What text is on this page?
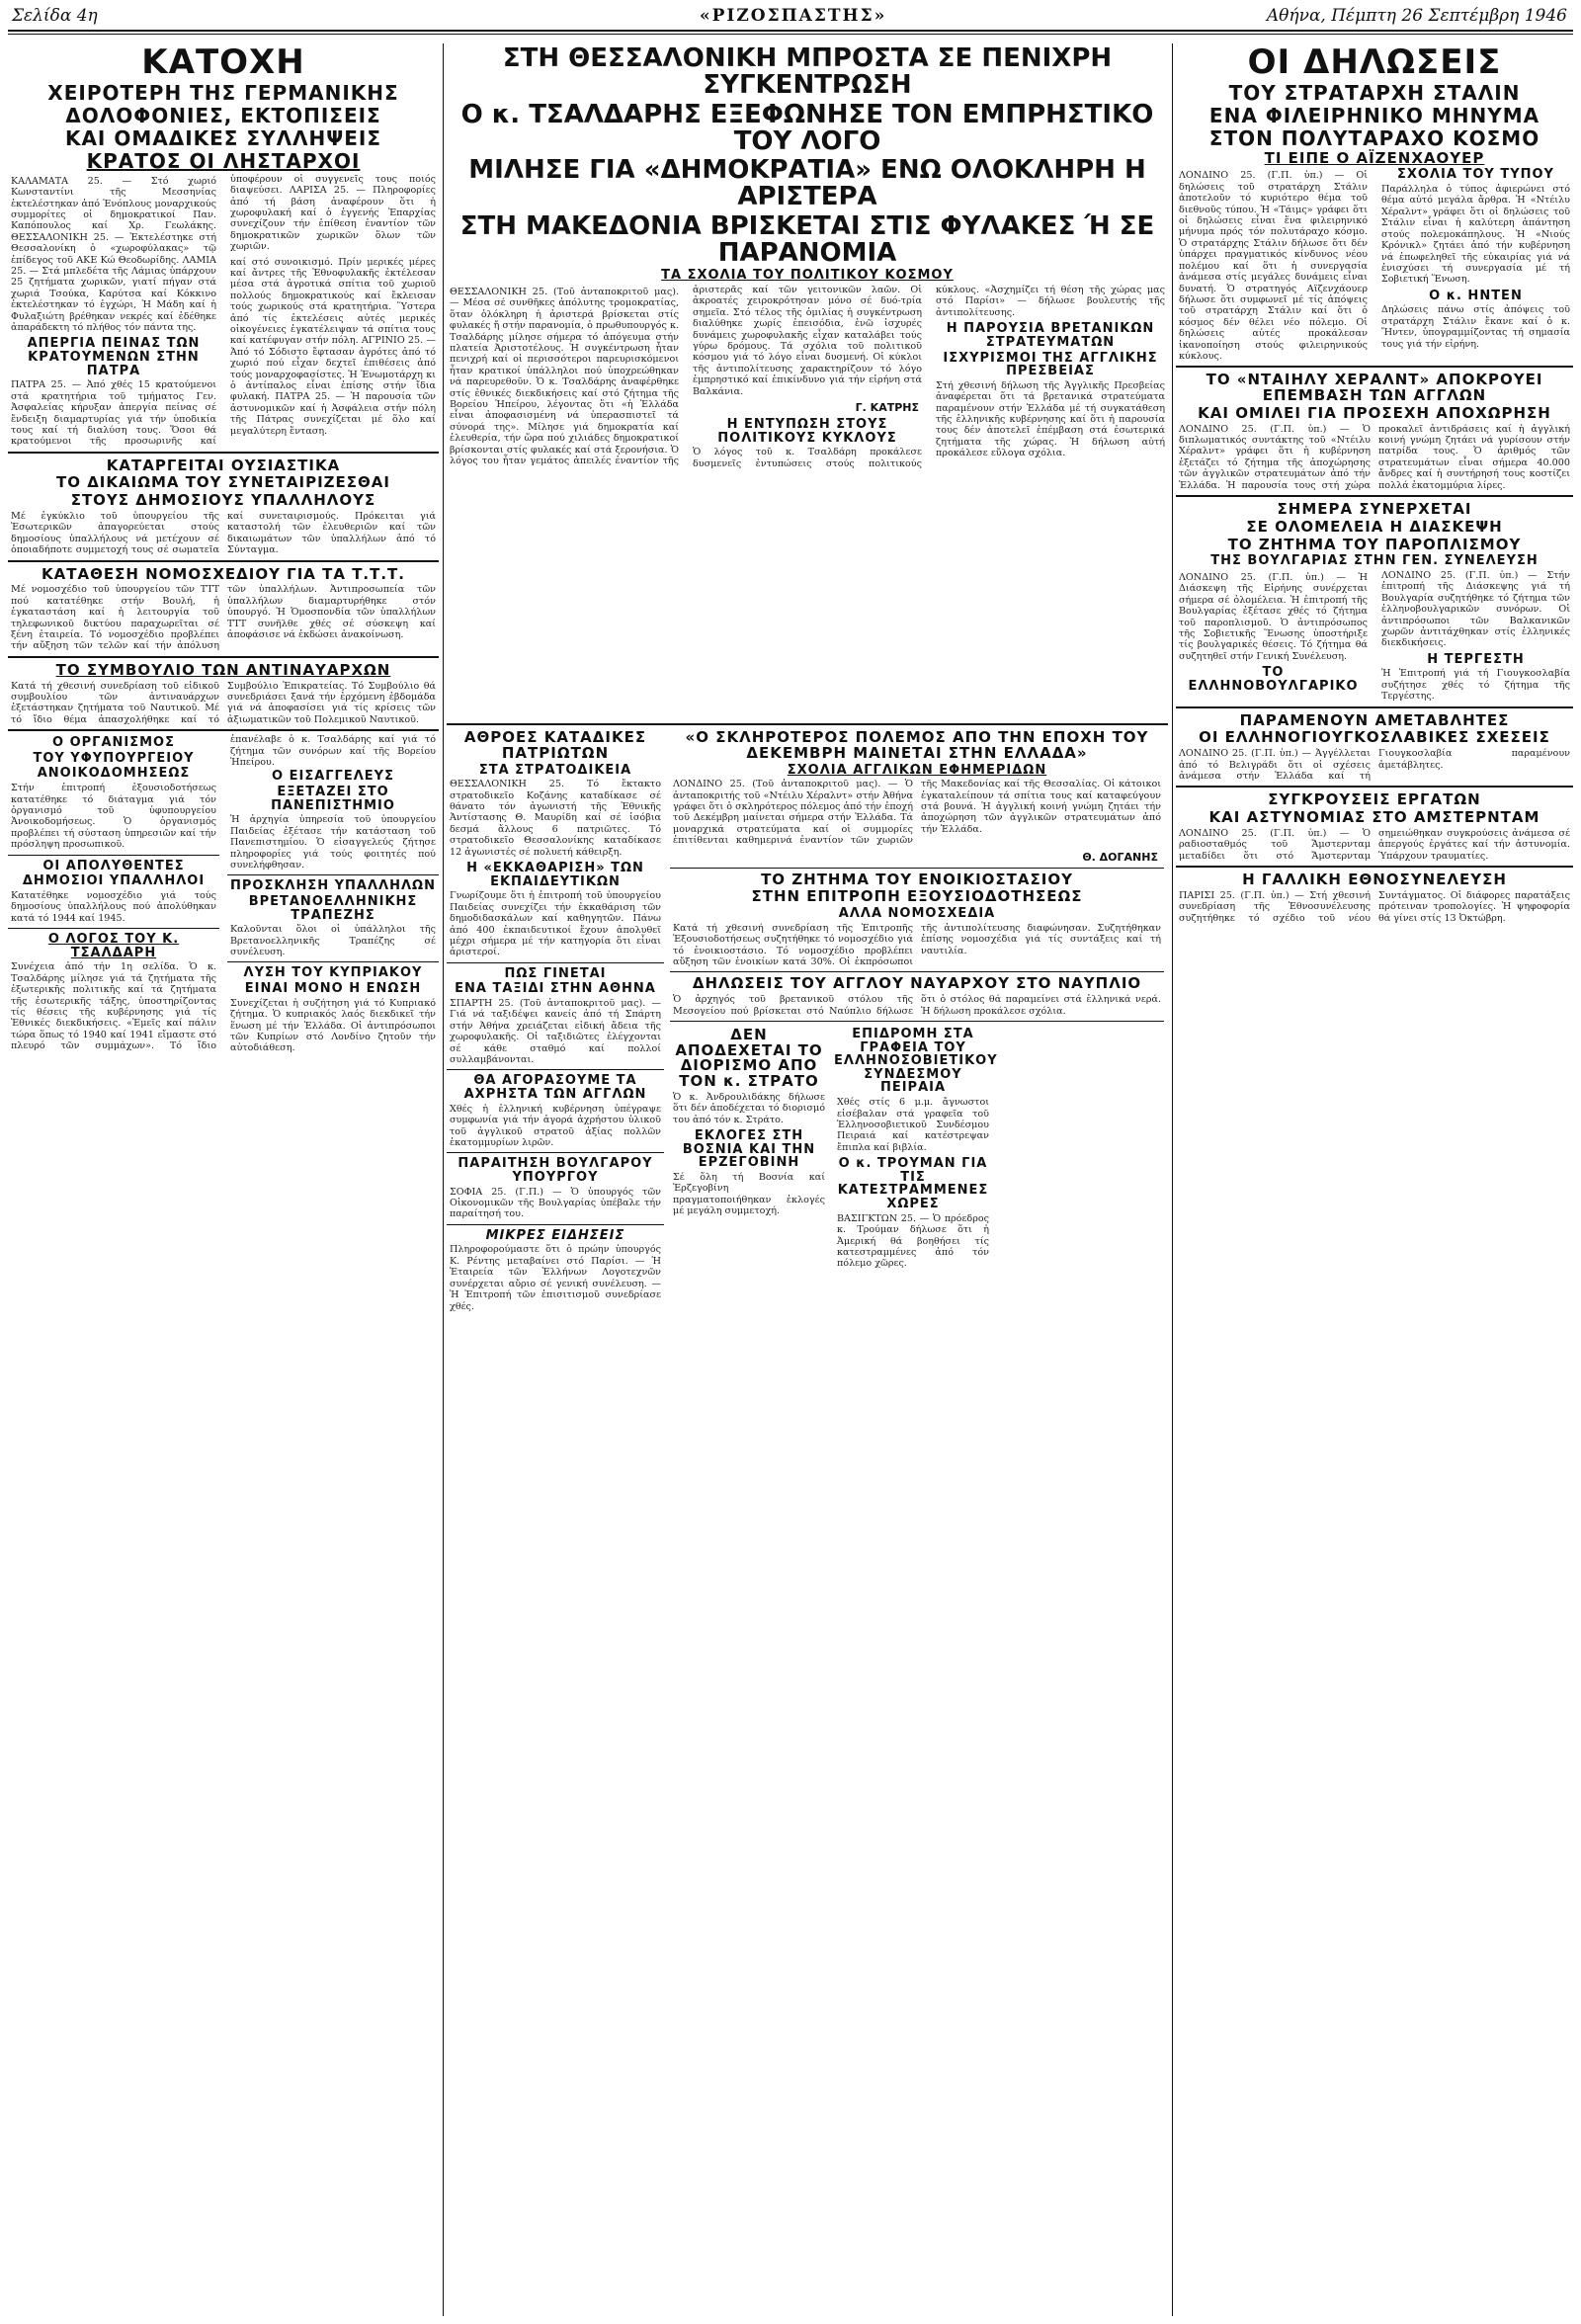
Σελίδα 4η	«ΡΙΖΟΣΠΑΣΤΗΣ»	Αθήνα, Πέμπτη 26 Σεπτέμβρη 1946
ΚΑΤΟΧΗ
ΧΕΙΡΟΤΕΡΗ ΤΗΣ ΓΕΡΜΑΝΙΚΗΣ
ΔΟΛΟΦΟΝΙΕΣ, ΕΚΤΟΠΙΣΕΙΣ
ΚΑΙ ΟΜΑΔΙΚΕΣ ΣΥΛΛΗΨΕΙΣ
ΚΡΑΤΟΣ ΟΙ ΛΗΣΤΑΡΧΟΙ
ΚΑΛΑΜΑΤΑ 25. — Στό χωριό Κωνσταντίνι τῆς Μεσσηνίας ἐκτελέστηκαν ἀπό Ἐνόπλους μοναρχικούς συμμορίτες οἱ δημοκρατικοί Παν. Καπόπουλος καί Χρ. Γεωλάκης. ΘΕΣΣΑΛΟΝΙΚΗ 25. — Ἐκτελέστηκε στή Θεσσαλονίκη ὁ «χωροφύλακας» τῷ ἐπίδεγος τοῦ ΑΚΕ Κώ Θεοδωρίδης. ΛΑΜΙΑ 25. — Στά μπλεδέτα τῆς Λάμιας ὑπάρχουν 25 ζητήματα χωρικῶν, γιατί πήγαν στά χωριά Τσούκα, Καρύτσα καί Κόκκινο ἐκτελέστηκαν τό ἐγχώρι, Ἡ Μάδη καί ἡ Φυλαξιώτη βρέθηκαν νεκρές καί ἐδέθηκε ἀπαράδεκτη τό πλήθος τόν πάντα της.
ΑΠΕΡΓΙΑ ΠΕΙΝΑΣ ΤΩΝ ΚΡΑΤΟΥΜΕΝΩΝ ΣΤΗΝ ΠΑΤΡΑ
ΠΑΤΡΑ 25. — Ἀπό χθές 15 κρατούμενοι στά κρατητήρια τοῦ τμήματος Γεν. Ἀσφαλείας κήρυξαν ἀπεργία πείνας σέ ἔνδειξη διαμαρτυρίας γιά τήν ὑποδικία τους καί τή διαλύση τους. Ὅσοι θά κρατούμενοι τῆς προσωρινῆς καί ὑποφέρουν οἱ συγγενεῖς τους ποιός διαψεύσει. ΛΑΡΙΣΑ 25. — Πληροφορίες ἀπό τή βάση ἀναφέρουν ὅτι ἡ χωροφυλακή καί ὁ ἐγγενής Ἐπαρχίας συνεχίζουν τήν ἐπίθεση ἐναντίον τῶν δημοκρατικῶν χωρικῶν ὅλων τῶν χωριῶν.
καί στό συνοικισμό. Πρίν μερικές μέρες καί ἄντρες τῆς Ἐθνοφυλακῆς ἐκτέλεσαν μέσα στά ἀγροτικά σπίτια τοῦ χωριοῦ πολλούς δημοκρατικούς καί ἔκλεισαν τούς χωρικούς στά κρατητήρια. Ὕστερα ἀπό τίς ἐκτελέσεις αὐτές μερικές οἰκογένειες ἐγκατέλειψαν τά σπίτια τους καί κατέφυγαν στήν πόλη. ΑΓΡΙΝΙΟ 25. — Ἀπό τό Σόδιστο ἔφτασαν ἀγρότες ἀπό τό χωριό πού εἶχαν δεχτεῖ ἐπιθέσεις ἀπό τούς μοναρχοφασίστες. Ἡ Ἐνωμοτάρχη κι ὁ ἀντίπαλος εἶναι ἐπίσης στήν ἴδια φυλακή. ΠΑΤΡΑ 25. — Ἡ παρουσία τῶν ἀστυνομικῶν καί ἡ Ἀσφάλεια στήν πόλη τῆς Πάτρας συνεχίζεται μέ ὅλο καί μεγαλύτερη ἔνταση.
ΚΑΤΑΡΓΕΙΤΑΙ ΟΥΣΙΑΣΤΙΚΑ
ΤΟ ΔΙΚΑΙΩΜΑ ΤΟΥ ΣΥΝΕΤΑΙΡΙΖΕΣΘΑΙ
ΣΤΟΥΣ ΔΗΜΟΣΙΟΥΣ ΥΠΑΛΛΗΛΟΥΣ
Μέ ἐγκύκλιο τοῦ ὑπουργείου τῆς Ἐσωτερικῶν ἀπαγορεύεται στούς δημοσίους ὑπαλλήλους νά μετέχουν σέ ὁποιαδήποτε συμμετοχή τους σέ σωματεῖα καί συνεταιρισμούς. Πρόκειται γιά καταστολή τῶν ἐλευθεριῶν καί τῶν δικαιωμάτων τῶν ὑπαλλήλων ἀπό τό Σύνταγμα.
ΚΑΤΑΘΕΣΗ ΝΟΜΟΣΧΕΔΙΟΥ ΓΙΑ ΤΑ Τ.Τ.Τ.
Μέ νομοσχέδιο τοῦ ὑπουργείου τῶν ΤΤΤ πού κατατέθηκε στήν Βουλή, ἡ ἐγκαταστάση καί ἡ λειτουργία τοῦ τηλεφωνικοῦ δικτύου παραχωρεῖται σέ ξένη ἑταιρεία. Τό νομοσχέδιο προβλέπει τήν αὔξηση τῶν τελῶν καί τήν ἀπόλυση τῶν ὑπαλλήλων. Ἀντιπροσωπεία τῶν ὑπαλλήλων διαμαρτυρήθηκε στόν ὑπουργό. Ἡ Ὁμοσπονδία τῶν ὑπαλλήλων ΤΤΤ συνῆλθε χθές σέ σύσκεψη καί ἀποφάσισε νά ἐκδώσει ἀνακοίνωση.
ΤΟ ΣΥΜΒΟΥΛΙΟ ΤΩΝ ΑΝΤΙΝΑΥΑΡΧΩΝ
Κατά τή χθεσινή συνεδρίαση τοῦ εἰδικοῦ συμβουλίου τῶν ἀντιναυάρχων ἐξετάστηκαν ζητήματα τοῦ Ναυτικοῦ. Μέ τό ἴδιο θέμα ἀπασχολήθηκε καί τό Συμβούλιο Ἐπικρατείας. Τό Συμβούλιο θά συνεδριάσει ξανά τήν ἐρχόμενη ἑβδομάδα γιά νά ἀποφασίσει γιά τίς κρίσεις τῶν ἀξιωματικῶν τοῦ Πολεμικοῦ Ναυτικοῦ.
Ο ΟΡΓΑΝΙΣΜΟΣ
ΤΟΥ ΥΦΥΠΟΥΡΓΕΙΟΥ
ΑΝΟΙΚΟΔΟΜΗΣΕΩΣ
Στήν ἐπιτροπή ἐξουσιοδοτήσεως κατατέθηκε τό διάταγμα γιά τόν ὀργανισμό τοῦ ὑφυπουργείου Ἀνοικοδομήσεως. Ὁ ὀργανισμός προβλέπει τή σύσταση ὑπηρεσιῶν καί τήν πρόσληψη προσωπικοῦ.
ΟΙ ΑΠΟΛΥΘΕΝΤΕΣ
ΔΗΜΟΣΙΟΙ ΥΠΑΛΛΗΛΟΙ
Κατατέθηκε νομοσχέδιο γιά τούς δημοσίους ὑπαλλήλους πού ἀπολύθηκαν κατά τό 1944 καί 1945.
Ο ΛΟΓΟΣ ΤΟΥ Κ. ΤΣΑΛΔΑΡΗ
Συνέχεια ἀπό τήν 1η σελίδα. Ὁ κ. Τσαλδάρης μίλησε γιά τά ζητήματα τῆς ἐξωτερικῆς πολιτικῆς καί τά ζητήματα τῆς ἐσωτερικῆς τάξης, ὑποστηρίζοντας τίς θέσεις τῆς κυβέρνησης γιά τίς Ἐθνικές διεκδικήσεις. «Ἐμεῖς καί πάλιν τώρα ὅπως τό 1940 καί 1941 εἴμαστε στό πλευρό τῶν συμμάχων». Τό ἴδιο ἐπανέλαβε ὁ κ. Τσαλδάρης καί γιά τό ζήτημα τῶν συνόρων καί τῆς Βορείου Ἠπείρου.
Ο ΕΙΣΑΓΓΕΛΕΥΣ
ΕΞΕΤΑΖΕΙ ΣΤΟ ΠΑΝΕΠΙΣΤΗΜΙΟ
Ἡ ἀρχηγία ὑπηρεσία τοῦ ὑπουργείου Παιδείας ἐξέτασε τήν κατάσταση τοῦ Πανεπιστημίου. Ὁ εἰσαγγελεύς ζήτησε πληροφορίες γιά τούς φοιτητές πού συνελήφθησαν.
ΠΡΟΣΚΛΗΣΗ ΥΠΑΛΛΗΛΩΝ
ΒΡΕΤΑΝΟΕΛΛΗΝΙΚΗΣ ΤΡΑΠΕΖΗΣ
Καλοῦνται ὅλοι οἱ ὑπάλληλοι τῆς Βρετανοελληνικῆς Τραπέζης σέ συνέλευση.
ΛΥΣΗ ΤΟΥ ΚΥΠΡΙΑΚΟΥ
ΕΙΝΑΙ ΜΟΝΟ Η ΕΝΩΣΗ
Συνεχίζεται ἡ συζήτηση γιά τό Κυπριακό ζήτημα. Ὁ κυπριακός λαός διεκδικεῖ τήν ἕνωση μέ τήν Ἑλλάδα. Οἱ ἀντιπρόσωποι τῶν Κυπρίων στό Λονδίνο ζητοῦν τήν αὐτοδιάθεση.
ΣΤΗ ΘΕΣΣΑΛΟΝΙΚΗ ΜΠΡΟΣΤΑ ΣΕ ΠΕΝΙΧΡΗ ΣΥΓΚΕΝΤΡΩΣΗ
Ο κ. ΤΣΑΛΔΑΡΗΣ ΕΞΕΦΩΝΗΣΕ ΤΟΝ ΕΜΠΡΗΣΤΙΚΟ ΤΟΥ ΛΟΓΟ
ΜΙΛΗΣΕ ΓΙΑ «ΔΗΜΟΚΡΑΤΙΑ» ΕΝΩ ΟΛΟΚΛΗΡΗ Η ΑΡΙΣΤΕΡΑ
ΣΤΗ ΜΑΚΕΔΟΝΙΑ ΒΡΙΣΚΕΤΑΙ ΣΤΙΣ ΦΥΛΑΚΕΣ Ή ΣΕ ΠΑΡΑΝΟΜΙΑ
ΤΑ ΣΧΟΛΙΑ ΤΟΥ ΠΟΛΙΤΙΚΟΥ ΚΟΣΜΟΥ
ΘΕΣΣΑΛΟΝΙΚΗ 25. (Τοῦ ἀνταποκριτοῦ μας). — Μέσα σέ συνθῆκες ἀπόλυτης τρομοκρατίας, ὅταν ὁλόκληρη ἡ ἀριστερά βρίσκεται στίς φυλακές ἤ στήν παρανομία, ὁ πρωθυπουργός κ. Τσαλδάρης μίλησε σήμερα τό ἀπόγευμα στήν πλατεία Ἀριστοτέλους. Ἡ συγκέντρωση ἦταν πενιχρή καί οἱ περισσότεροι παρευρισκόμενοι ἦταν κρατικοί ὑπάλληλοι πού ὑποχρεώθηκαν νά παρευρεθοῦν. Ὁ κ. Τσαλδάρης ἀναφέρθηκε στίς ἐθνικές διεκδικήσεις καί στό ζήτημα τῆς Βορείου Ἠπείρου, λέγοντας ὅτι «ἡ Ἑλλάδα εἶναι ἀποφασισμένη νά ὑπερασπιστεῖ τά σύνορά της». Μίλησε γιά δημοκρατία καί ἐλευθερία, τήν ὥρα πού χιλιάδες δημοκρατικοί βρίσκονται στίς φυλακές καί στά ξερονήσια. Ὁ λόγος του ἦταν γεμάτος ἀπειλές ἐναντίον τῆς ἀριστερᾶς καί τῶν γειτονικῶν λαῶν. Οἱ ἀκροατές χειροκρότησαν μόνο σέ δυό-τρία σημεῖα. Στό τέλος τῆς ὁμιλίας ἡ συγκέντρωση διαλύθηκε χωρίς ἐπεισόδια, ἐνῶ ἰσχυρές δυνάμεις χωροφυλακῆς εἶχαν καταλάβει τούς γύρω δρόμους. Τά σχόλια τοῦ πολιτικοῦ κόσμου γιά τό λόγο εἶναι δυσμενή. Οἱ κύκλοι τῆς ἀντιπολίτευσης χαρακτηρίζουν τό λόγο ἐμπρηστικό καί ἐπικίνδυνο γιά τήν εἰρήνη στά Βαλκάνια.
Γ. ΚΑΤΡΗΣ
Η ΕΝΤΥΠΩΣΗ ΣΤΟΥΣ ΠΟΛΙΤΙΚΟΥΣ ΚΥΚΛΟΥΣ
Ὁ λόγος τοῦ κ. Τσαλδάρη προκάλεσε δυσμενεῖς ἐντυπώσεις στούς πολιτικούς κύκλους. «Ἀσχημίζει τή θέση τῆς χώρας μας στό Παρίσι» — δήλωσε βουλευτής τῆς ἀντιπολίτευσης.
Η ΠΑΡΟΥΣΙΑ ΒΡΕΤΑΝΙΚΩΝ ΣΤΡΑΤΕΥΜΑΤΩΝ
ΙΣΧΥΡΙΣΜΟΙ ΤΗΣ ΑΓΓΛΙΚΗΣ ΠΡΕΣΒΕΙΑΣ
Στή χθεσινή δήλωση τῆς Ἀγγλικῆς Πρεσβείας ἀναφέρεται ὅτι τά βρετανικά στρατεύματα παραμένουν στήν Ἑλλάδα μέ τή συγκατάθεση τῆς ἑλληνικῆς κυβέρνησης καί ὅτι ἡ παρουσία τους δέν ἀποτελεῖ ἐπέμβαση στά ἐσωτερικά ζητήματα τῆς χώρας. Ἡ δήλωση αὐτή προκάλεσε εὔλογα σχόλια.
ΑΘΡΟΕΣ ΚΑΤΑΔΙΚΕΣ ΠΑΤΡΙΩΤΩΝ
ΣΤΑ ΣΤΡΑΤΟΔΙΚΕΙΑ
ΘΕΣΣΑΛΟΝΙΚΗ 25. Τό ἔκτακτο στρατοδικεῖο Κοζάνης καταδίκασε σέ θάνατο τόν ἀγωνιστή τῆς Ἐθνικῆς Ἀντίστασης Θ. Μαυρίδη καί σέ ἰσόβια δεσμά ἄλλους 6 πατριῶτες. Τό στρατοδικεῖο Θεσσαλονίκης καταδίκασε 12 ἀγωνιστές σέ πολυετή κάθειρξη.
Η «ΕΚΚΑΘΑΡΙΣΗ» ΤΩΝ ΕΚΠΑΙΔΕΥΤΙΚΩΝ
Γνωρίζουμε ὅτι ἡ ἐπιτροπή τοῦ ὑπουργείου Παιδείας συνεχίζει τήν ἐκκαθάριση τῶν δημοδιδασκάλων καί καθηγητῶν. Πάνω ἀπό 400 ἐκπαιδευτικοί ἔχουν ἀπολυθεῖ μέχρι σήμερα μέ τήν κατηγορία ὅτι εἶναι ἀριστεροί.
ΠΩΣ ΓΙΝΕΤΑΙ
ΕΝΑ ΤΑΞΙΔΙ ΣΤΗΝ ΑΘΗΝΑ
ΣΠΑΡΤΗ 25. (Τοῦ ἀνταποκριτοῦ μας). — Γιά νά ταξιδέψει κανείς ἀπό τή Σπάρτη στήν Ἀθήνα χρειάζεται εἰδική ἄδεια τῆς χωροφυλακῆς. Οἱ ταξιδιῶτες ἐλέγχονται σέ κάθε σταθμό καί πολλοί συλλαμβάνονται.
ΘΑ ΑΓΟΡΑΣΟΥΜΕ ΤΑ ΑΧΡΗΣΤΑ ΤΩΝ ΑΓΓΛΩΝ
Χθές ἡ ἑλληνική κυβέρνηση ὑπέγραψε συμφωνία γιά τήν ἀγορά ἀχρήστου ὑλικοῦ τοῦ ἀγγλικοῦ στρατοῦ ἀξίας πολλῶν ἑκατομμυρίων λιρῶν.
ΠΑΡΑΙΤΗΣΗ ΒΟΥΛΓΑΡΟΥ ΥΠΟΥΡΓΟΥ
ΣΟΦΙΑ 25. (Γ.Π.) — Ὁ ὑπουργός τῶν Οἰκονομικῶν τῆς Βουλγαρίας ὑπέβαλε τήν παραίτησή του.
ΜΙΚΡΕΣ ΕΙΔΗΣΕΙΣ
Πληροφορούμαστε ὅτι ὁ πρώην ὑπουργός Κ. Ρέντης μεταβαίνει στό Παρίσι. — Ἡ Ἑταιρεία τῶν Ἑλλήνων Λογοτεχνῶν συνέρχεται αὔριο σέ γενική συνέλευση. — Ἡ Ἐπιτροπή τῶν ἐπισιτισμοῦ συνεδρίασε χθές.
«Ο ΣΚΛΗΡΟΤΕΡΟΣ ΠΟΛΕΜΟΣ ΑΠΟ ΤΗΝ ΕΠΟΧΗ ΤΟΥ ΔΕΚΕΜΒΡΗ ΜΑΙΝΕΤΑΙ ΣΤΗΝ ΕΛΛΑΔΑ»
ΣΧΟΛΙΑ ΑΓΓΛΙΚΩΝ ΕΦΗΜΕΡΙΔΩΝ
ΛΟΝΔΙΝΟ 25. (Τοῦ ἀνταποκριτοῦ μας). — Ὁ ἀνταποκριτής τοῦ «Ντέιλυ Χέραλντ» στήν Ἀθήνα γράφει ὅτι ὁ σκληρότερος πόλεμος ἀπό τήν ἐποχή τοῦ Δεκέμβρη μαίνεται σήμερα στήν Ἑλλάδα. Τά μοναρχικά στρατεύματα καί οἱ συμμορίες ἐπιτίθενται καθημερινά ἐναντίον τῶν χωριῶν τῆς Μακεδονίας καί τῆς Θεσσαλίας. Οἱ κάτοικοι ἐγκαταλείπουν τά σπίτια τους καί καταφεύγουν στά βουνά. Ἡ ἀγγλική κοινή γνώμη ζητάει τήν ἀποχώρηση τῶν ἀγγλικῶν στρατευμάτων ἀπό τήν Ἑλλάδα.
Θ. ΔΟΓΑΝΗΣ
ΤΟ ΖΗΤΗΜΑ ΤΟΥ ΕΝΟΙΚΙΟΣΤΑΣΙΟΥ
ΣΤΗΝ ΕΠΙΤΡΟΠΗ ΕΞΟΥΣΙΟΔΟΤΗΣΕΩΣ
ΑΛΛΑ ΝΟΜΟΣΧΕΔΙΑ
Κατά τή χθεσινή συνεδρίαση τῆς Ἐπιτροπῆς Ἐξουσιοδοτήσεως συζητήθηκε τό νομοσχέδιο γιά τό ἐνοικιοστάσιο. Τό νομοσχέδιο προβλέπει αὔξηση τῶν ἐνοικίων κατά 30%. Οἱ ἐκπρόσωποι τῆς ἀντιπολίτευσης διαφώνησαν. Συζητήθηκαν ἐπίσης νομοσχέδια γιά τίς συντάξεις καί τή ναυτιλία.
ΔΗΛΩΣΕΙΣ ΤΟΥ ΑΓΓΛΟΥ ΝΑΥΑΡΧΟΥ ΣΤΟ ΝΑΥΠΛΙΟ
Ὁ ἀρχηγός τοῦ βρετανικοῦ στόλου τῆς Μεσογείου πού βρίσκεται στό Ναύπλιο δήλωσε ὅτι ὁ στόλος θά παραμείνει στά ἑλληνικά νερά. Ἡ δήλωση προκάλεσε σχόλια.
ΔΕΝ ΑΠΟΔΕΧΕΤΑΙ ΤΟ ΔΙΟΡΙΣΜΟ ΑΠΟ ΤΟΝ κ. ΣΤΡΑΤΟ
Ὁ κ. Ἀνδρουλιδάκης δήλωσε ὅτι δέν ἀποδέχεται τό διορισμό του ἀπό τόν κ. Στράτο.
ΕΚΛΟΓΕΣ ΣΤΗ ΒΟΣΝΙΑ ΚΑΙ ΤΗΝ ΕΡΖΕΓΟΒΙΝΗ
Σέ ὅλη τή Βοσνία καί Ἐρζεγοβίνη πραγματοποιήθηκαν ἐκλογές μέ μεγάλη συμμετοχή.
ΕΠΙΔΡΟΜΗ ΣΤΑ ΓΡΑΦΕΙΑ ΤΟΥ ΕΛΛΗΝΟΣΟΒΙΕΤΙΚΟΥ ΣΥΝΔΕΣΜΟΥ ΠΕΙΡΑΙΑ
Χθές στίς 6 μ.μ. ἄγνωστοι εἰσέβαλαν στά γραφεῖα τοῦ Ἑλληνοσοβιετικοῦ Συνδέσμου Πειραιά καί κατέστρεψαν ἔπιπλα καί βιβλία.
Ο κ. ΤΡΟΥΜΑΝ ΓΙΑ ΤΙΣ ΚΑΤΕΣΤΡΑΜΜΕΝΕΣ ΧΩΡΕΣ
ΒΑΣΙΓΚΤΩΝ 25. — Ὁ πρόεδρος κ. Τρούμαν δήλωσε ὅτι ἡ Ἀμερική θά βοηθήσει τίς κατεστραμμένες ἀπό τόν πόλεμο χῶρες.
ΟΙ ΔΗΛΩΣΕΙΣ
ΤΟΥ ΣΤΡΑΤΑΡΧΗ ΣΤΑΛΙΝ
ΕΝΑ ΦΙΛΕΙΡΗΝΙΚΟ ΜΗΝΥΜΑ
ΣΤΟΝ ΠΟΛΥΤΑΡΑΧΟ ΚΟΣΜΟ
ΤΙ ΕΙΠΕ Ο ΑΪΖΕΝΧΑΟΥΕΡ
ΛΟΝΔΙΝΟ 25. (Γ.Π. ὑπ.) — Οἱ δηλώσεις τοῦ στρατάρχη Στάλιν ἀποτελοῦν τό κυριότερο θέμα τοῦ διεθνοῦς τύπου. Ἡ «Τάιμς» γράφει ὅτι οἱ δηλώσεις εἶναι ἕνα φιλειρηνικό μήνυμα πρός τόν πολυτάραχο κόσμο. Ὁ στρατάρχης Στάλιν δήλωσε ὅτι δέν ὑπάρχει πραγματικός κίνδυνος νέου πολέμου καί ὅτι ἡ συνεργασία ἀνάμεσα στίς μεγάλες δυνάμεις εἶναι δυνατή. Ὁ στρατηγός Αϊζενχάουερ δήλωσε ὅτι συμφωνεῖ μέ τίς ἀπόψεις τοῦ στρατάρχη Στάλιν καί ὅτι ὁ κόσμος δέν θέλει νέο πόλεμο. Οἱ δηλώσεις αὐτές προκάλεσαν ἱκανοποίηση στούς φιλειρηνικούς κύκλους.
ΣΧΟΛΙΑ ΤΟΥ ΤΥΠΟΥ
Παράλληλα ὁ τύπος ἀφιερώνει στό θέμα αὐτό μεγάλα ἄρθρα. Ἡ «Ντέιλυ Χέραλντ» γράφει ὅτι οἱ δηλώσεις τοῦ Στάλιν εἶναι ἡ καλύτερη ἀπάντηση στούς πολεμοκάπηλους. Ἡ «Νιούς Κρόνικλ» ζητάει ἀπό τήν κυβέρνηση νά ἐπωφεληθεῖ τῆς εὐκαιρίας γιά νά ἐνισχύσει τή συνεργασία μέ τή Σοβιετική Ἕνωση.
Ο κ. ΗΝΤΕΝ
Δηλώσεις πάνω στίς ἀπόψεις τοῦ στρατάρχη Στάλιν ἔκανε καί ὁ κ. Ἤντεν, ὑπογραμμίζοντας τή σημασία τους γιά τήν εἰρήνη.
ΤΟ «ΝΤΑΙΗΛΥ ΧΕΡΑΛΝΤ» ΑΠΟΚΡΟΥΕΙ ΕΠΕΜΒΑΣΗ ΤΩΝ ΑΓΓΛΩΝ
ΚΑΙ ΟΜΙΛΕΙ ΓΙΑ ΠΡΟΣΕΧΗ ΑΠΟΧΩΡΗΣΗ
ΛΟΝΔΙΝΟ 25. (Γ.Π. ὑπ.) — Ὁ διπλωματικός συντάκτης τοῦ «Ντέιλυ Χέραλντ» γράφει ὅτι ἡ κυβέρνηση ἐξετάζει τό ζήτημα τῆς ἀποχώρησης τῶν ἀγγλικῶν στρατευμάτων ἀπό τήν Ἑλλάδα. Ἡ παρουσία τους στή χώρα προκαλεῖ ἀντιδράσεις καί ἡ ἀγγλική κοινή γνώμη ζητάει νά γυρίσουν στήν πατρίδα τους. Ὁ ἀριθμός τῶν στρατευμάτων εἶναι σήμερα 40.000 ἄνδρες καί ἡ συντήρησή τους κοστίζει πολλά ἑκατομμύρια λίρες.
ΣΗΜΕΡΑ ΣΥΝΕΡΧΕΤΑΙ
ΣΕ ΟΛΟΜΕΛΕΙΑ Η ΔΙΑΣΚΕΨΗ
ΤΟ ΖΗΤΗΜΑ ΤΟΥ ΠΑΡΟΠΛΙΣΜΟΥ
ΤΗΣ ΒΟΥΛΓΑΡΙΑΣ ΣΤΗΝ ΓΕΝ. ΣΥΝΕΛΕΥΣΗ
ΛΟΝΔΙΝΟ 25. (Γ.Π. ὑπ.) — Ἡ Διάσκεψη τῆς Εἰρήνης συνέρχεται σήμερα σέ ὁλομέλεια. Ἡ ἐπιτροπή τῆς Βουλγαρίας ἐξέτασε χθές τό ζήτημα τοῦ παροπλισμοῦ. Ὁ ἀντιπρόσωπος τῆς Σοβιετικῆς Ἕνωσης ὑποστήριξε τίς βουλγαρικές θέσεις. Τό ζήτημα θά συζητηθεῖ στήν Γενική Συνέλευση.
ΤΟ ΕΛΛΗΝΟΒΟΥΛΓΑΡΙΚΟ
ΛΟΝΔΙΝΟ 25. (Γ.Π. ὑπ.) — Στήν ἐπιτροπή τῆς Διάσκεψης γιά τή Βουλγαρία συζητήθηκε τό ζήτημα τῶν ἑλληνοβουλγαρικῶν συνόρων. Οἱ ἀντιπρόσωποι τῶν Βαλκανικῶν χωρῶν ἀντιτάχθηκαν στίς ἑλληνικές διεκδικήσεις.
Η ΤΕΡΓΕΣΤΗ
Ἡ Ἐπιτροπή γιά τή Γιουγκοσλαβία συζήτησε χθές τό ζήτημα τῆς Τεργέστης.
ΠΑΡΑΜΕΝΟΥΝ ΑΜΕΤΑΒΛΗΤΕΣ
ΟΙ ΕΛΛΗΝΟΓΙΟΥΓΚΟΣΛΑΒΙΚΕΣ ΣΧΕΣΕΙΣ
ΛΟΝΔΙΝΟ 25. (Γ.Π. ὑπ.) — Ἀγγέλλεται ἀπό τό Βελιγράδι ὅτι οἱ σχέσεις ἀνάμεσα στήν Ἑλλάδα καί τή Γιουγκοσλαβία παραμένουν ἀμετάβλητες.
ΣΥΓΚΡΟΥΣΕΙΣ ΕΡΓΑΤΩΝ
ΚΑΙ ΑΣΤΥΝΟΜΙΑΣ ΣΤΟ ΑΜΣΤΕΡΝΤΑΜ
ΛΟΝΔΙΝΟ 25. (Γ.Π. ὑπ.) — Ὁ ραδιοσταθμός τοῦ Ἄμστερνταμ μεταδίδει ὅτι στό Ἄμστερνταμ σημειώθηκαν συγκρούσεις ἀνάμεσα σέ ἀπεργούς ἐργάτες καί τήν ἀστυνομία. Ὑπάρχουν τραυματίες.
Η ΓΑΛΛΙΚΗ ΕΘΝΟΣΥΝΕΛΕΥΣΗ
ΠΑΡΙΣΙ 25. (Γ.Π. ὑπ.) — Στή χθεσινή συνεδρίαση τῆς Ἐθνοσυνέλευσης συζητήθηκε τό σχέδιο τοῦ νέου Συντάγματος. Οἱ διάφορες παρατάξεις πρότειναν τροπολογίες. Ἡ ψηφοφορία θά γίνει στίς 13 Ὀκτώβρη.
